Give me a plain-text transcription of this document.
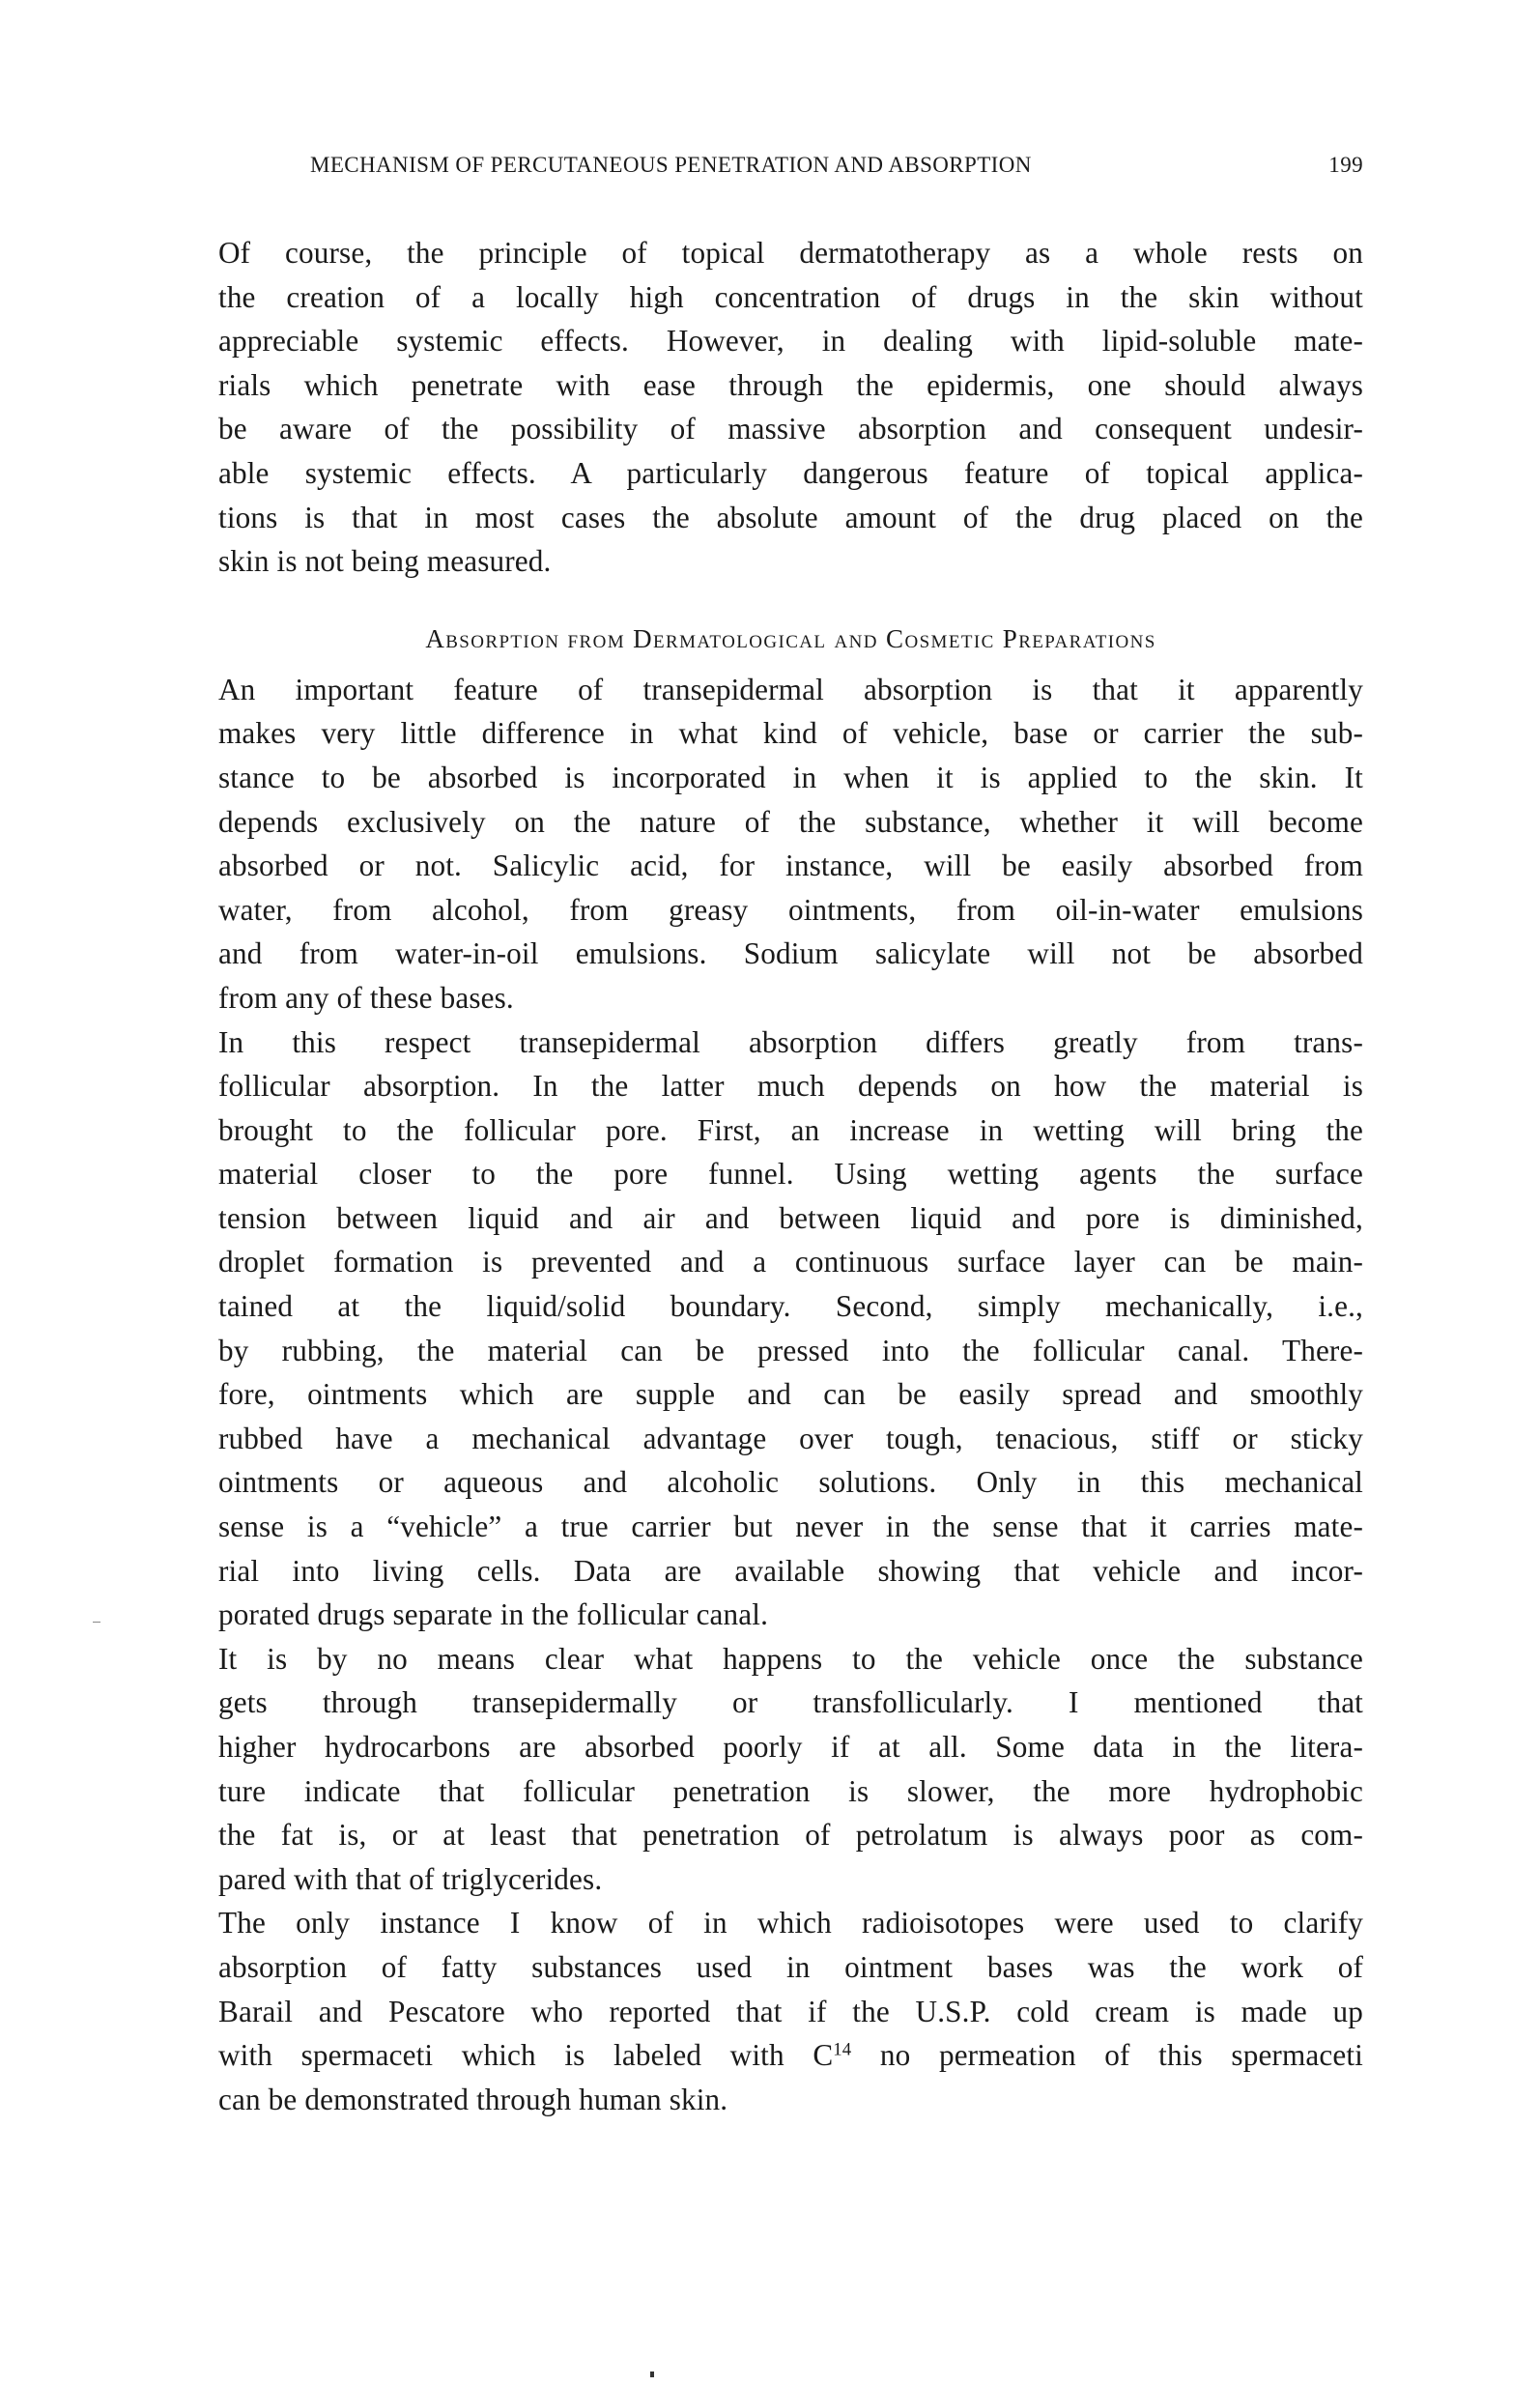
MECHANISM OF PERCUTANEOUS PENETRATION AND ABSORPTION	199

Of course, the principle of topical dermatotherapy as a whole rests on
the creation of a locally high concentration of drugs in the skin without
appreciable systemic effects. However, in dealing with lipid-soluble mate-
rials which penetrate with ease through the epidermis, one should always
be aware of the possibility of massive absorption and consequent undesir-
able systemic effects. A particularly dangerous feature of topical applica-
tions is that in most cases the absolute amount of the drug placed on the
skin is not being measured.

Absorption from Dermatological and Cosmetic Preparations

An important feature of transepidermal absorption is that it apparently
makes very little difference in what kind of vehicle, base or carrier the sub-
stance to be absorbed is incorporated in when it is applied to the skin. It
depends exclusively on the nature of the substance, whether it will become
absorbed or not. Salicylic acid, for instance, will be easily absorbed from
water, from alcohol, from greasy ointments, from oil-in-water emulsions
and from water-in-oil emulsions. Sodium salicylate will not be absorbed
from any of these bases.

In this respect transepidermal absorption differs greatly from trans-
follicular absorption. In the latter much depends on how the material is
brought to the follicular pore. First, an increase in wetting will bring the
material closer to the pore funnel. Using wetting agents the surface
tension between liquid and air and between liquid and pore is diminished,
droplet formation is prevented and a continuous surface layer can be main-
tained at the liquid/solid boundary. Second, simply mechanically, i.e.,
by rubbing, the material can be pressed into the follicular canal. There-
fore, ointments which are supple and can be easily spread and smoothly
rubbed have a mechanical advantage over tough, tenacious, stiff or sticky
ointments or aqueous and alcoholic solutions. Only in this mechanical
sense is a “vehicle” a true carrier but never in the sense that it carries mate-
rial into living cells. Data are available showing that vehicle and incor-
porated drugs separate in the follicular canal.

It is by no means clear what happens to the vehicle once the substance
gets through transepidermally or transfollicularly. I mentioned that
higher hydrocarbons are absorbed poorly if at all. Some data in the litera-
ture indicate that follicular penetration is slower, the more hydrophobic
the fat is, or at least that penetration of petrolatum is always poor as com-
pared with that of triglycerides.

The only instance I know of in which radioisotopes were used to clarify
absorption of fatty substances used in ointment bases was the work of
Barail and Pescatore who reported that if the U.S.P. cold cream is made up
with spermaceti which is labeled with $C^{14}$ no permeation of this spermaceti
can be demonstrated through human skin.
